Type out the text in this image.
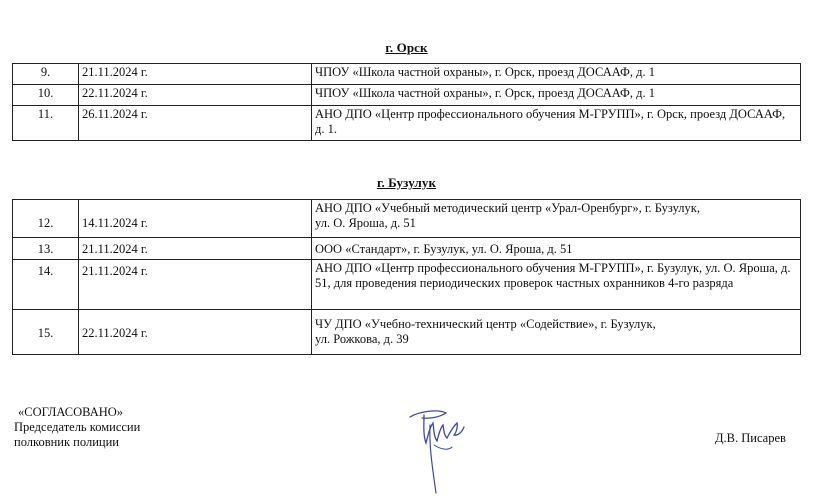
г. Орск
9.	21.11.2024 г.	ЧПОУ «Школа частной охраны», г. Орск, проезд ДОСААФ, д. 1
10.	22.11.2024 г.	ЧПОУ «Школа частной охраны», г. Орск, проезд ДОСААФ, д. 1
11.	26.11.2024 г.	АНО ДПО «Центр профессионального обучения М-ГРУПП», г. Орск, проезд ДОСААФ, д. 1.
г. Бузулук
12.	14.11.2024 г.	АНО ДПО «Учебный методический центр «Урал-Оренбург», г. Бузулук,
ул. О. Яроша, д. 51

13.	21.11.2024 г.	ООО «Стандарт», г. Бузулук, ул. О. Яроша, д. 51
14.	21.11.2024 г.	АНО ДПО «Центр профессионального обучения М-ГРУПП», г. Бузулук, ул. О. Яроша, д. 51, для проведения периодических проверок частных охранников 4-го разряда
15.	22.11.2024 г.	ЧУ ДПО «Учебно-технический центр «Содействие», г. Бузулук,
ул. Рожкова, д. 39
«СОГЛАСОВАНО»
Председатель комиссии
полковник полиции	Д.В. Писарев
